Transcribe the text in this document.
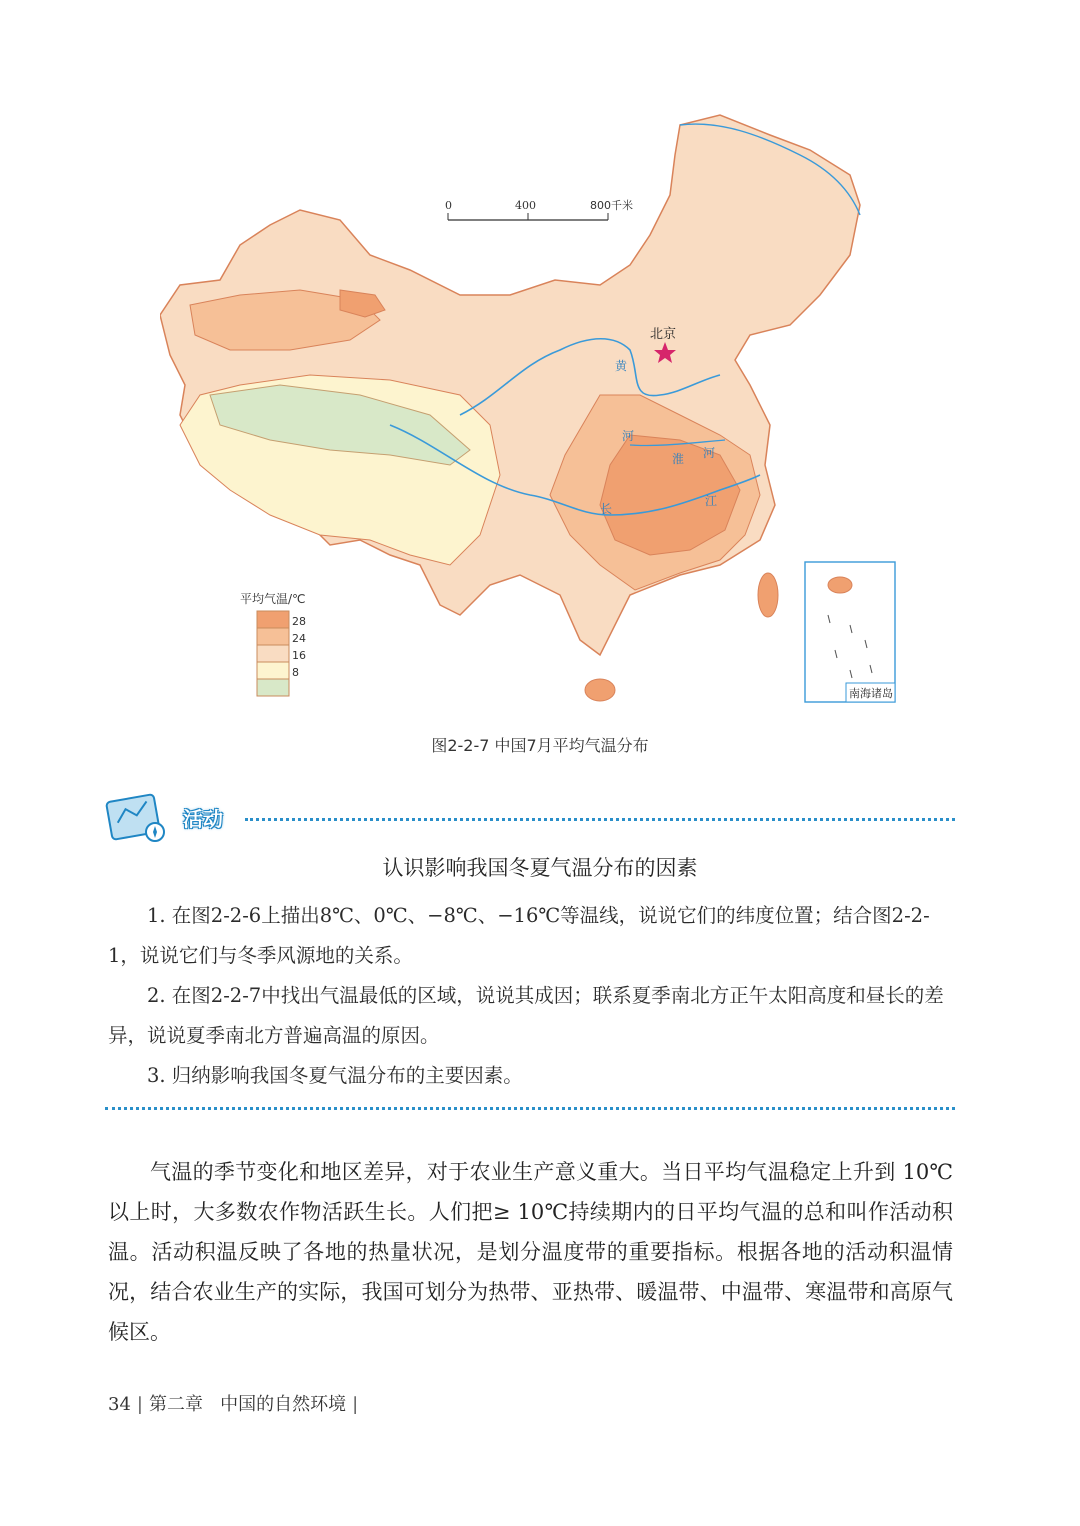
0	400	800千米
北京
黄
河
淮 河
长
江
平均气温/℃
28
24
16
8
南海诸岛
图2-2-7 中国7月平均气温分布
活动
认识影响我国冬夏气温分布的因素

1. 在图2-2-6上描出8℃、0℃、−8℃、−16℃等温线，说说它们的纬度位置；结合图2-2-1，说说它们与冬季风源地的关系。

2. 在图2-2-7中找出气温最低的区域，说说其成因；联系夏季南北方正午太阳高度和昼长的差异，说说夏季南北方普遍高温的原因。

3. 归纳影响我国冬夏气温分布的主要因素。

气温的季节变化和地区差异，对于农业生产意义重大。当日平均气温稳定上升到 10℃以上时，大多数农作物活跃生长。人们把≥ 10℃持续期内的日平均气温的总和叫作活动积温。活动积温反映了各地的热量状况，是划分温度带的重要指标。根据各地的活动积温情况，结合农业生产的实际，我国可划分为热带、亚热带、暖温带、中温带、寒温带和高原气候区。

34 | 第二章 中国的自然环境 |
